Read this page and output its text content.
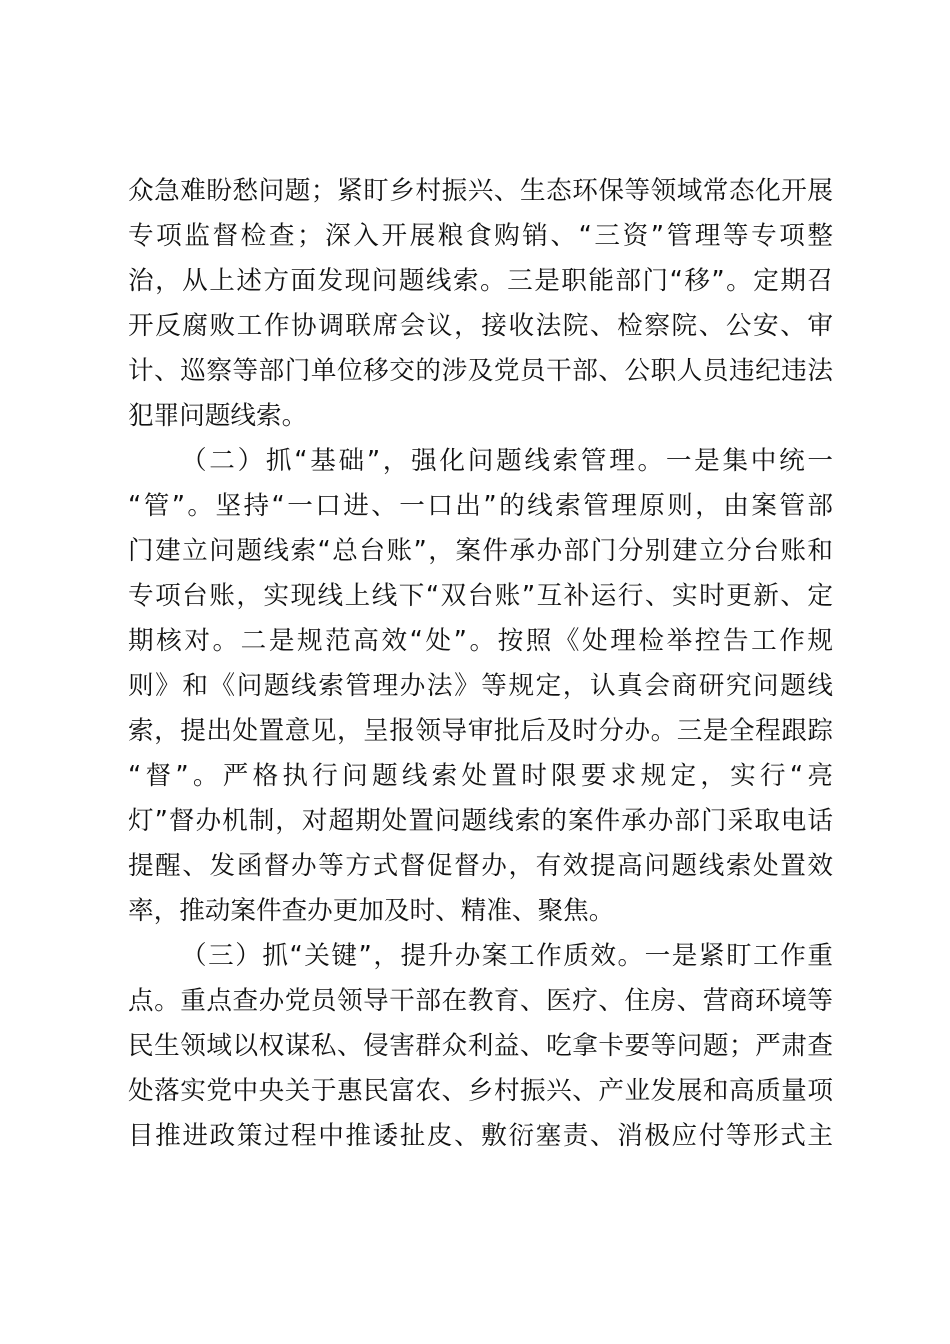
众急难盼愁问题；紧盯乡村振兴、生态环保等领域常态化开展

专项监督检查；深入开展粮食购销、“三资”管理等专项整

治，从上述方面发现问题线索。三是职能部门“移”。定期召

开反腐败工作协调联席会议，接收法院、检察院、公安、审

计、巡察等部门单位移交的涉及党员干部、公职人员违纪违法

犯罪问题线索。

（二）抓“基础”，强化问题线索管理。一是集中统一

“管”。坚持“一口进、一口出”的线索管理原则，由案管部

门建立问题线索“总台账”，案件承办部门分别建立分台账和

专项台账，实现线上线下“双台账”互补运行、实时更新、定

期核对。二是规范高效“处”。按照《处理检举控告工作规

则》和《问题线索管理办法》等规定，认真会商研究问题线

索，提出处置意见，呈报领导审批后及时分办。三是全程跟踪

“督”。严格执行问题线索处置时限要求规定，实行“亮

灯”督办机制，对超期处置问题线索的案件承办部门采取电话

提醒、发函督办等方式督促督办，有效提高问题线索处置效

率，推动案件查办更加及时、精准、聚焦。

（三）抓“关键”，提升办案工作质效。一是紧盯工作重

点。重点查办党员领导干部在教育、医疗、住房、营商环境等

民生领域以权谋私、侵害群众利益、吃拿卡要等问题；严肃查

处落实党中央关于惠民富农、乡村振兴、产业发展和高质量项

目推进政策过程中推诿扯皮、敷衍塞责、消极应付等形式主
